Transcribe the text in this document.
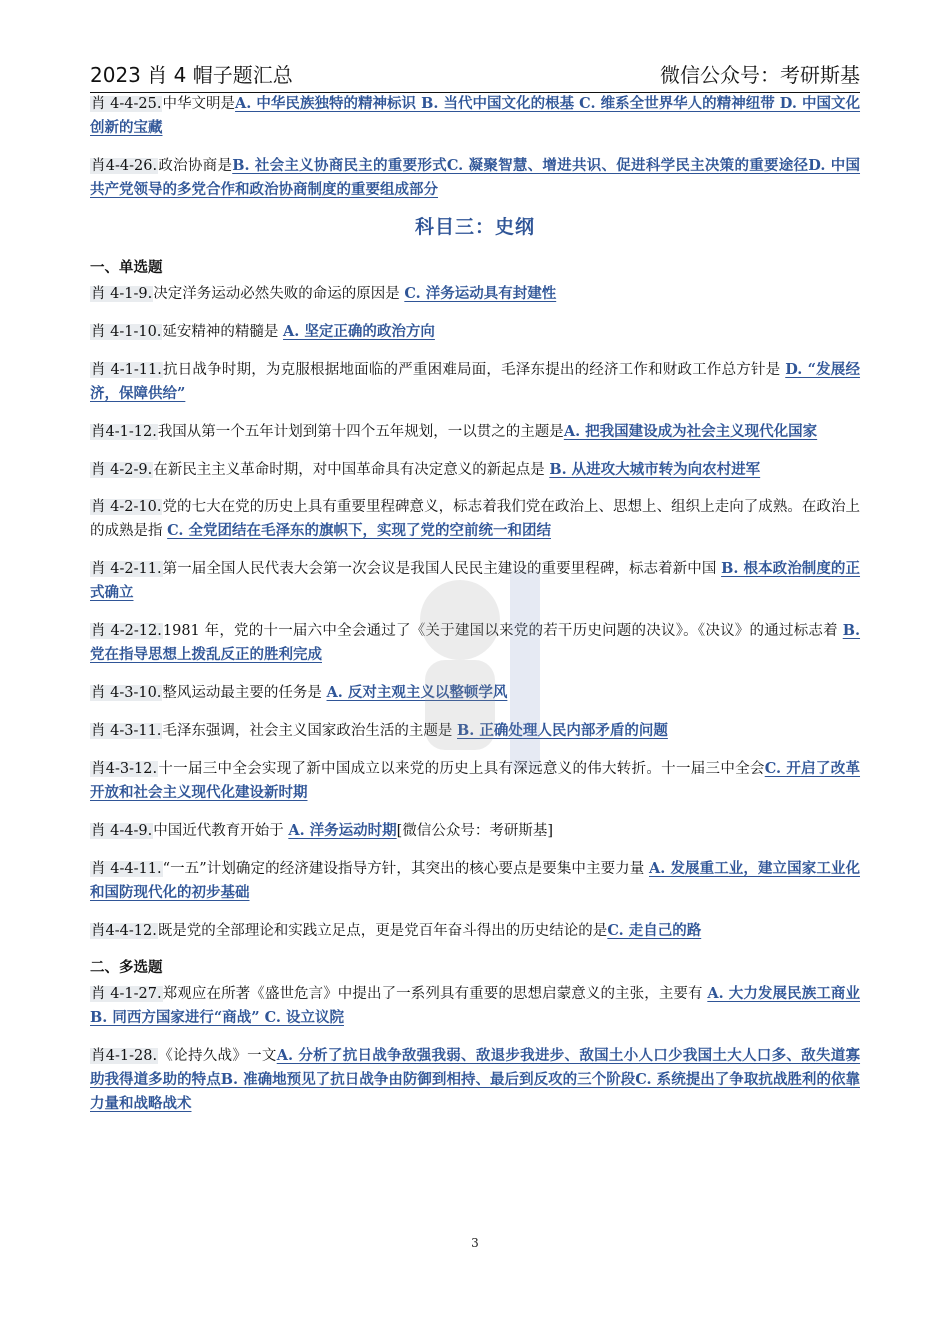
2023 肖 4 帽子题汇总	微信公众号：考研斯基

肖 4-4-25.中华文明是A. 中华民族独特的精神标识 B. 当代中国文化的根基 C. 维系全世界华人的精神纽带 D. 中国文化创新的宝藏

肖4-4-26.政治协商是B. 社会主义协商民主的重要形式C. 凝聚智慧、增进共识、促进科学民主决策的重要途径D. 中国共产党领导的多党合作和政治协商制度的重要组成部分

科目三：史纲
一、单选题

肖 4-1-9.决定洋务运动必然失败的命运的原因是 C. 洋务运动具有封建性

肖 4-1-10.延安精神的精髓是 A. 坚定正确的政治方向

肖 4-1-11.抗日战争时期，为克服根据地面临的严重困难局面，毛泽东提出的经济工作和财政工作总方针是 D. “发展经济，保障供给”

肖4-1-12.我国从第一个五年计划到第十四个五年规划，一以贯之的主题是A. 把我国建设成为社会主义现代化国家

肖 4-2-9.在新民主主义革命时期，对中国革命具有决定意义的新起点是 B. 从进攻大城市转为向农村进军

肖 4-2-10.党的七大在党的历史上具有重要里程碑意义，标志着我们党在政治上、思想上、组织上走向了成熟。在政治上的成熟是指 C. 全党团结在毛泽东的旗帜下，实现了党的空前统一和团结

肖 4-2-11.第一届全国人民代表大会第一次会议是我国人民民主建设的重要里程碑，标志着新中国 B. 根本政治制度的正式确立

肖 4-2-12.1981 年，党的十一届六中全会通过了《关于建国以来党的若干历史问题的决议》。《决议》的通过标志着 B. 党在指导思想上拨乱反正的胜利完成

肖 4-3-10.整风运动最主要的任务是 A. 反对主观主义以整顿学风

肖 4-3-11.毛泽东强调，社会主义国家政治生活的主题是 B. 正确处理人民内部矛盾的问题

肖4-3-12.十一届三中全会实现了新中国成立以来党的历史上具有深远意义的伟大转折。十一届三中全会C. 开启了改革开放和社会主义现代化建设新时期

肖 4-4-9.中国近代教育开始于 A. 洋务运动时期[微信公众号：考研斯基]

肖 4-4-11.“一五”计划确定的经济建设指导方针，其突出的核心要点是要集中主要力量 A. 发展重工业，建立国家工业化和国防现代化的初步基础

肖4-4-12.既是党的全部理论和实践立足点，更是党百年奋斗得出的历史结论的是C. 走自己的路

二、多选题

肖 4-1-27.郑观应在所著《盛世危言》中提出了一系列具有重要的思想启蒙意义的主张，主要有 A. 大力发展民族工商业 B. 同西方国家进行“商战” C. 设立议院

肖4-1-28.《论持久战》一文A. 分析了抗日战争敌强我弱、敌退步我进步、敌国土小人口少我国土大人口多、敌失道寡助我得道多助的特点B. 准确地预见了抗日战争由防御到相持、最后到反攻的三个阶段C. 系统提出了争取抗战胜利的依靠力量和战略战术

3
